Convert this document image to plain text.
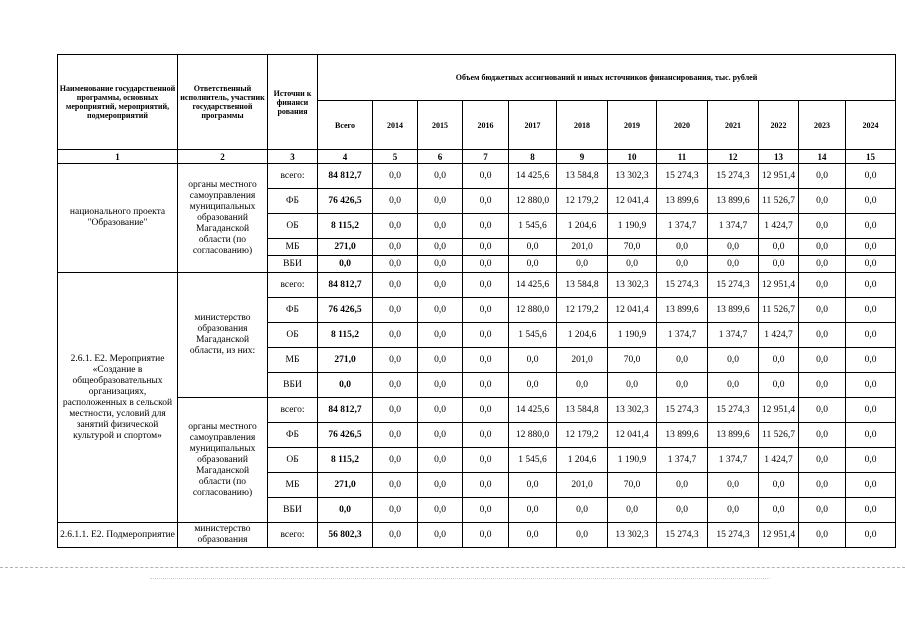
Наименование государственной программы, основных мероприятий, мероприятий, подмероприятий	Ответственный исполнитель, участник государственной программы	Источни к финанси рования	Объем бюджетных ассигнований и иных источников финансирования, тыс. рублей											
			Всего	2014	2015	2016	2017	2018	2019	2020	2021	2022	2023	2024
1	2	3	4	5	6	7	8	9	10	11	12	13	14	15
национального проекта "Образование"	органы местного самоуправления муниципальных образований Магаданской области (по согласованию)	всего:	84 812,7	0,0	0,0	0,0	14 425,6	13 584,8	13 302,3	15 274,3	15 274,3	12 951,4	0,0	0,0
		ФБ	76 426,5	0,0	0,0	0,0	12 880,0	12 179,2	12 041,4	13 899,6	13 899,6	11 526,7	0,0	0,0
		ОБ	8 115,2	0,0	0,0	0,0	1 545,6	1 204,6	1 190,9	1 374,7	1 374,7	1 424,7	0,0	0,0
		МБ	271,0	0,0	0,0	0,0	0,0	201,0	70,0	0,0	0,0	0,0	0,0	0,0
		ВБИ	0,0	0,0	0,0	0,0	0,0	0,0	0,0	0,0	0,0	0,0	0,0	0,0
2.6.1. Е2. Мероприятие «Создание в общеобразовательных организациях, расположенных в сельской местности, условий для занятий физической культурой и спортом»	министерство образования Магаданской области, из них:	всего:	84 812,7	0,0	0,0	0,0	14 425,6	13 584,8	13 302,3	15 274,3	15 274,3	12 951,4	0,0	0,0
		ФБ	76 426,5	0,0	0,0	0,0	12 880,0	12 179,2	12 041,4	13 899,6	13 899,6	11 526,7	0,0	0,0
		ОБ	8 115,2	0,0	0,0	0,0	1 545,6	1 204,6	1 190,9	1 374,7	1 374,7	1 424,7	0,0	0,0
		МБ	271,0	0,0	0,0	0,0	0,0	201,0	70,0	0,0	0,0	0,0	0,0	0,0
		ВБИ	0,0	0,0	0,0	0,0	0,0	0,0	0,0	0,0	0,0	0,0	0,0	0,0
	органы местного самоуправления муниципальных образований Магаданской области (по согласованию)	всего:	84 812,7	0,0	0,0	0,0	14 425,6	13 584,8	13 302,3	15 274,3	15 274,3	12 951,4	0,0	0,0
		ФБ	76 426,5	0,0	0,0	0,0	12 880,0	12 179,2	12 041,4	13 899,6	13 899,6	11 526,7	0,0	0,0
		ОБ	8 115,2	0,0	0,0	0,0	1 545,6	1 204,6	1 190,9	1 374,7	1 374,7	1 424,7	0,0	0,0
		МБ	271,0	0,0	0,0	0,0	0,0	201,0	70,0	0,0	0,0	0,0	0,0	0,0
		ВБИ	0,0	0,0	0,0	0,0	0,0	0,0	0,0	0,0	0,0	0,0	0,0	0,0
2.6.1.1. Е2. Подмероприятие	министерство образования	всего:	56 802,3	0,0	0,0	0,0	0,0	0,0	13 302,3	15 274,3	15 274,3	12 951,4	0,0	0,0
